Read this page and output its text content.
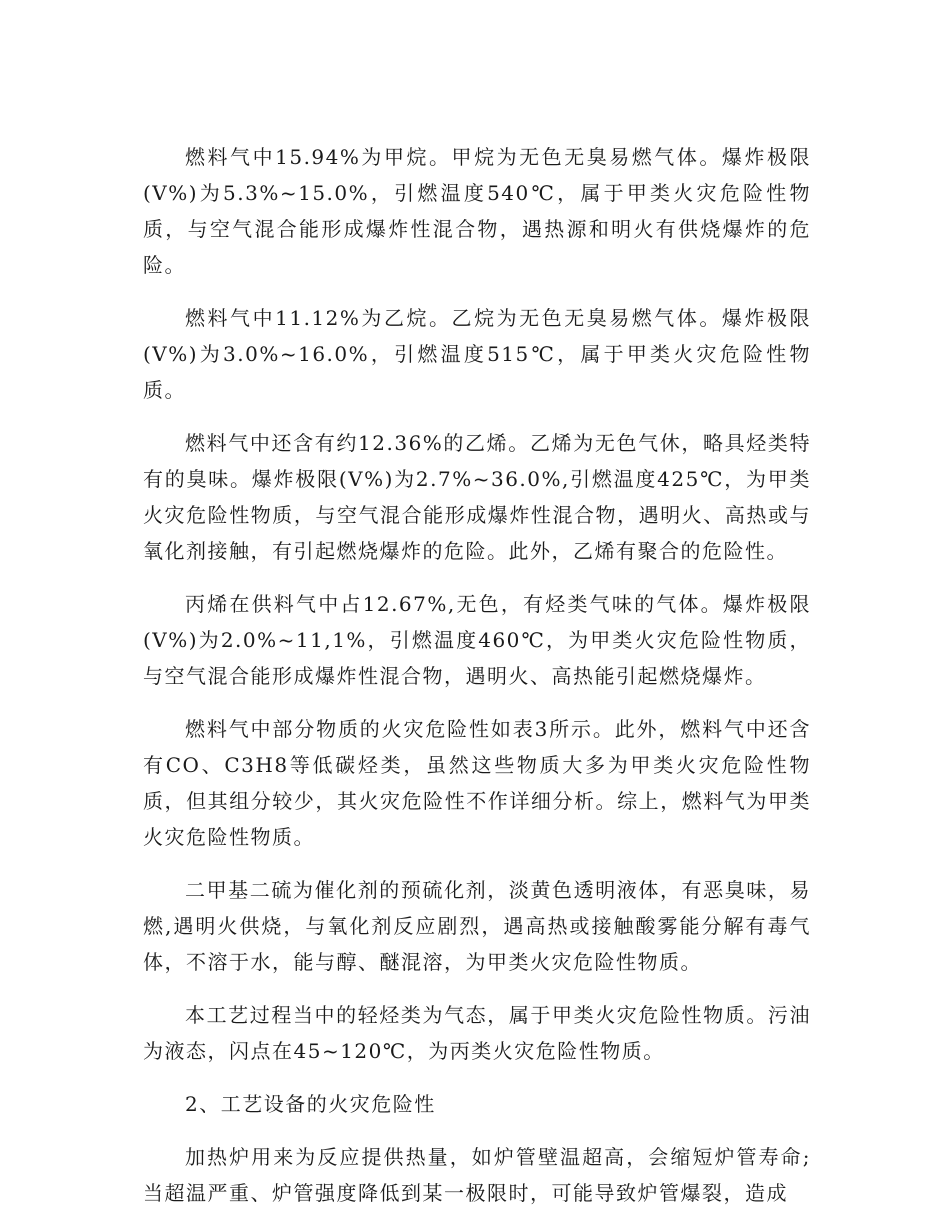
燃料气中15.94%为甲烷。甲烷为无色无臭易燃气体。爆炸极限(V%)为5.3%~15.0%，引燃温度540℃，属于甲类火灾危险性物质，与空气混合能形成爆炸性混合物，遇热源和明火有供烧爆炸的危险。

燃料气中11.12%为乙烷。乙烷为无色无臭易燃气体。爆炸极限(V%)为3.0%~16.0%，引燃温度515℃，属于甲类火灾危险性物质。

燃料气中还含有约12.36%的乙烯。乙烯为无色气休，略具烃类特有的臭味。爆炸极限(V%)为2.7%~36.0%,引燃温度425℃，为甲类火灾危险性物质，与空气混合能形成爆炸性混合物，遇明火、高热或与氧化剂接触，有引起燃烧爆炸的危险。此外，乙烯有聚合的危险性。

丙烯在供料气中占12.67%,无色，有烃类气味的气体。爆炸极限(V%)为2.0%~11,1%，引燃温度460℃，为甲类火灾危险性物质，与空气混合能形成爆炸性混合物，遇明火、高热能引起燃烧爆炸。

燃料气中部分物质的火灾危险性如表3所示。此外，燃料气中还含有CO、C3H8等低碳烃类，虽然这些物质大多为甲类火灾危险性物质，但其组分较少，其火灾危险性不作详细分析。综上，燃料气为甲类火灾危险性物质。

二甲基二硫为催化剂的预硫化剂，淡黄色透明液体，有恶臭味，易燃,遇明火供烧，与氧化剂反应剧烈，遇高热或接触酸雾能分解有毒气体，不溶于水，能与醇、醚混溶，为甲类火灾危险性物质。

本工艺过程当中的轻烃类为气态，属于甲类火灾危险性物质。污油为液态，闪点在45~120℃，为丙类火灾危险性物质。

2、工艺设备的火灾危险性

加热炉用来为反应提供热量，如炉管壁温超高，会缩短炉管寿命;当超温严重、炉管强度降低到某一极限时，可能导致炉管爆裂，造成
